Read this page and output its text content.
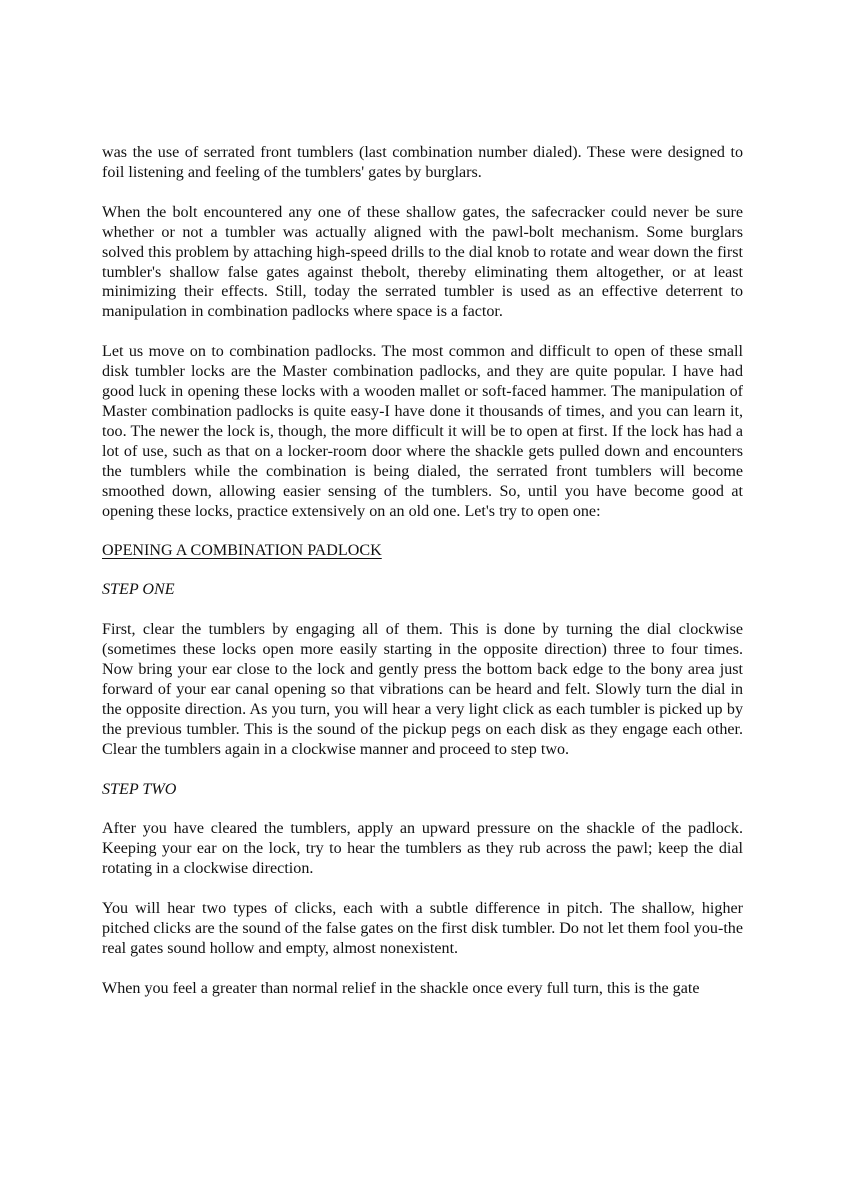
was the use of serrated front tumblers (last combination number dialed). These were designed to foil listening and feeling of the tumblers' gates by burglars.

When the bolt encountered any one of these shallow gates, the safecracker could never be sure whether or not a tumbler was actually aligned with the pawl-bolt mechanism. Some burglars solved this problem by attaching high-speed drills to the dial knob to rotate and wear down the first tumbler's shallow false gates against thebolt, thereby eliminating them altogether, or at least minimizing their effects. Still, today the serrated tumbler is used as an effective deterrent to manipulation in combination padlocks where space is a factor.

Let us move on to combination padlocks. The most common and difficult to open of these small disk tumbler locks are the Master combination padlocks, and they are quite popular. I have had good luck in opening these locks with a wooden mallet or soft-faced hammer. The manipulation of Master combination padlocks is quite easy-I have done it thousands of times, and you can learn it, too. The newer the lock is, though, the more difficult it will be to open at first. If the lock has had a lot of use, such as that on a locker-room door where the shackle gets pulled down and encounters the tumblers while the combination is being dialed, the serrated front tumblers will become smoothed down, allowing easier sensing of the tumblers. So, until you have become good at opening these locks, practice extensively on an old one. Let's try to open one:

OPENING A COMBINATION PADLOCK

STEP ONE

First, clear the tumblers by engaging all of them. This is done by turning the dial clockwise (sometimes these locks open more easily starting in the opposite direction) three to four times. Now bring your ear close to the lock and gently press the bottom back edge to the bony area just forward of your ear canal opening so that vibrations can be heard and felt. Slowly turn the dial in the opposite direction. As you turn, you will hear a very light click as each tumbler is picked up by the previous tumbler. This is the sound of the pickup pegs on each disk as they engage each other. Clear the tumblers again in a clockwise manner and proceed to step two.

STEP TWO

After you have cleared the tumblers, apply an upward pressure on the shackle of the padlock. Keeping your ear on the lock, try to hear the tumblers as they rub across the pawl; keep the dial rotating in a clockwise direction.

You will hear two types of clicks, each with a subtle difference in pitch. The shallow, higher pitched clicks are the sound of the false gates on the first disk tumbler. Do not let them fool you-the real gates sound hollow and empty, almost nonexistent.

When you feel a greater than normal relief in the shackle once every full turn, this is the gate
